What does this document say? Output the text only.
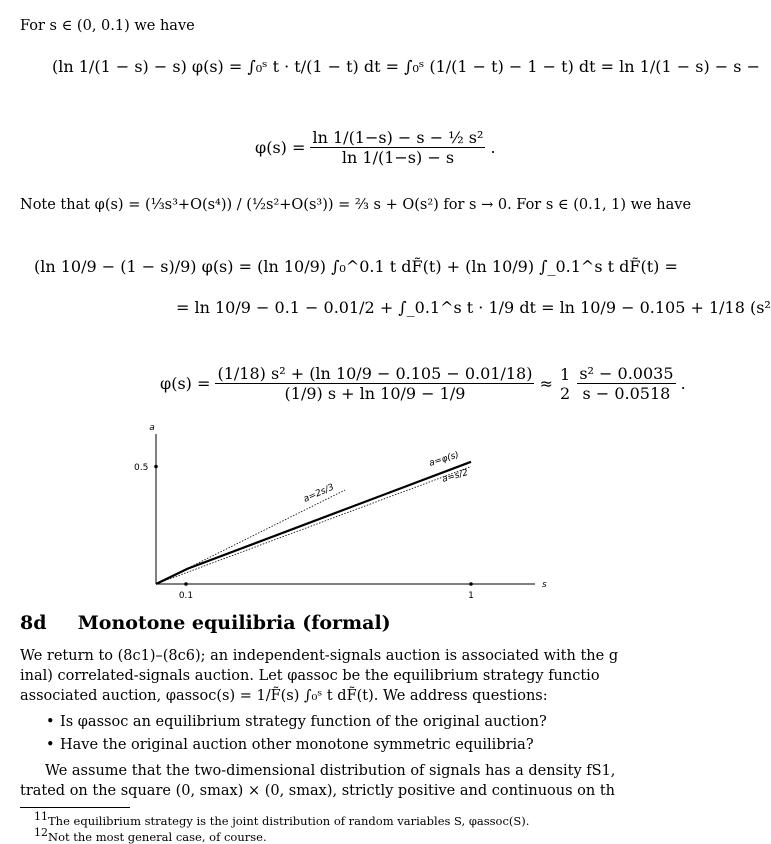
For s ∈ (0, 0.1) we have
(ln 1/(1 − s) − s) φ(s) = ∫₀ˢ t · t/(1 − t) dt = ∫₀ˢ (1/(1 − t) − 1 − t) dt = ln 1/(1 − s) − s −
$\varphi(s) = \frac{\text{ln 1/(1−s) − s − ½ s²}}{\ln 1/(1-s) - s}$ .
Note that φ(s) = (⅓s³+O(s⁴)) / (½s²+O(s³)) = ⅔ s + O(s²) for s → 0. For s ∈ (0.1, 1) we have
(ln 10/9 − (1 − s)/9) φ(s) = (ln 10/9) ∫₀^0.1 t dF̃(t) + (ln 10/9) ∫_0.1^s t dF̃(t) =
= ln 10/9 − 0.1 − 0.01/2 + ∫_0.1^s t · 1/9 dt = ln 10/9 − 0.105 + 1/18 (s²
$\varphi(s) = \frac{\text{(1/18) s² + (ln 10/9 − 0.105 − 0.01/18)}}{(1/9) s + \ln 10/9 - 1/9} \approx 1$
2
$\frac{\text{s² − 0.0035}}{s - 0.0518}$ .
a
s
0.5
0.1	1
a=φ(s)
a=2s/3
a=s/2
8d Monotone equilibria (formal)
We return to (8c1)–(8c6); an independent-signals auction is associated with the g
inal) correlated-signals auction. Let φassoc be the equilibrium strategy functio
associated auction, φassoc(s) = 1/F̃(s) ∫₀ˢ t dF̃(t). We address questions:
• Is φassoc an equilibrium strategy function of the original auction?
• Have the original auction other monotone symmetric equilibria?
We assume that the two-dimensional distribution of signals has a density fS1,
trated on the square (0, smax) × (0, smax), strictly positive and continuous on th
$^{11}$The equilibrium strategy is the joint distribution of random variables S, φassoc(S).
$^{12}$Not the most general case, of course.
